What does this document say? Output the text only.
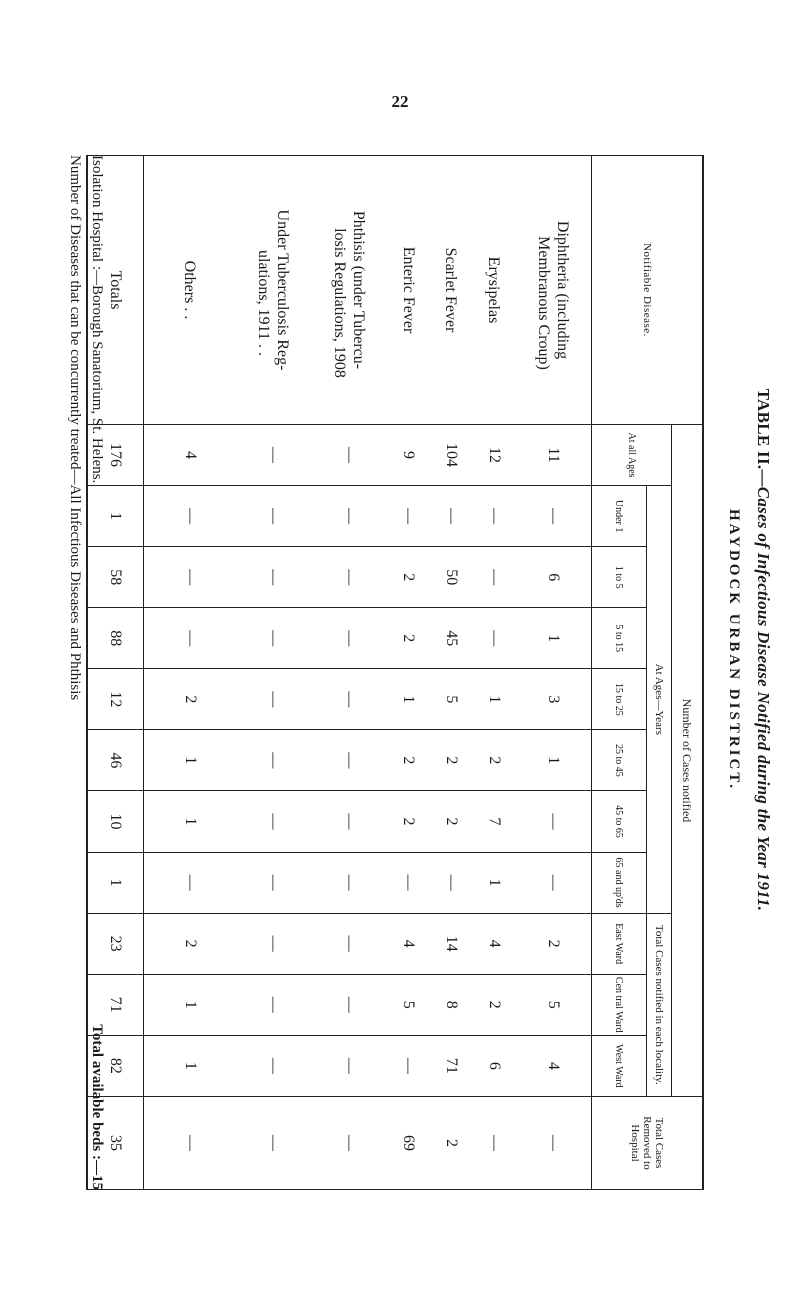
22
TABLE II.—Cases of Infectious Disease Notified during the Year 1911.
HAYDOCK URBAN DISTRICT.
Notifiable Disease.	Number of Cases notified											Total Cases Removed to Hospital
	At all Ages	At Ages—Years							Total Cases notified in each locality.			
		Under 1	1 to 5	5 to 15	15 to 25	25 to 45	45 to 65	65 and up'ds				
									East Ward	Cen tral Ward	West Ward	

Diphtheria (including
Membranous Croup)	11	—	6	1	3	1	—	—	2	5	4	—

Erysipelas	12	—	—	—	1	2	7	1	4	2	6	—

Scarlet Fever	104	—	50	45	5	2	2	—	14	8	71	2

Enteric Fever	9	—	2	2	1	2	2	—	4	5	—	69

Phthisis (under Tubercu-
losis Regulations, 1908	—	—	—	—	—	—	—	—	—	—	—	—

Under Tuberculosis Reg-
ulations, 1911 . .	—	—	—	—	—	—	—	—	—	—	—	—

Others . .	4	—	—	—	2	1	1	—	2	1	1	—
Totals	176	1	58	88	12	46	10	1	23	71	82	35
Isolation Hospital :—Borough Sanatorium, St. Helens.
Total available beds :—15
Number of Diseases that can be concurrently treated—All Infectious Diseases and Phthisis
